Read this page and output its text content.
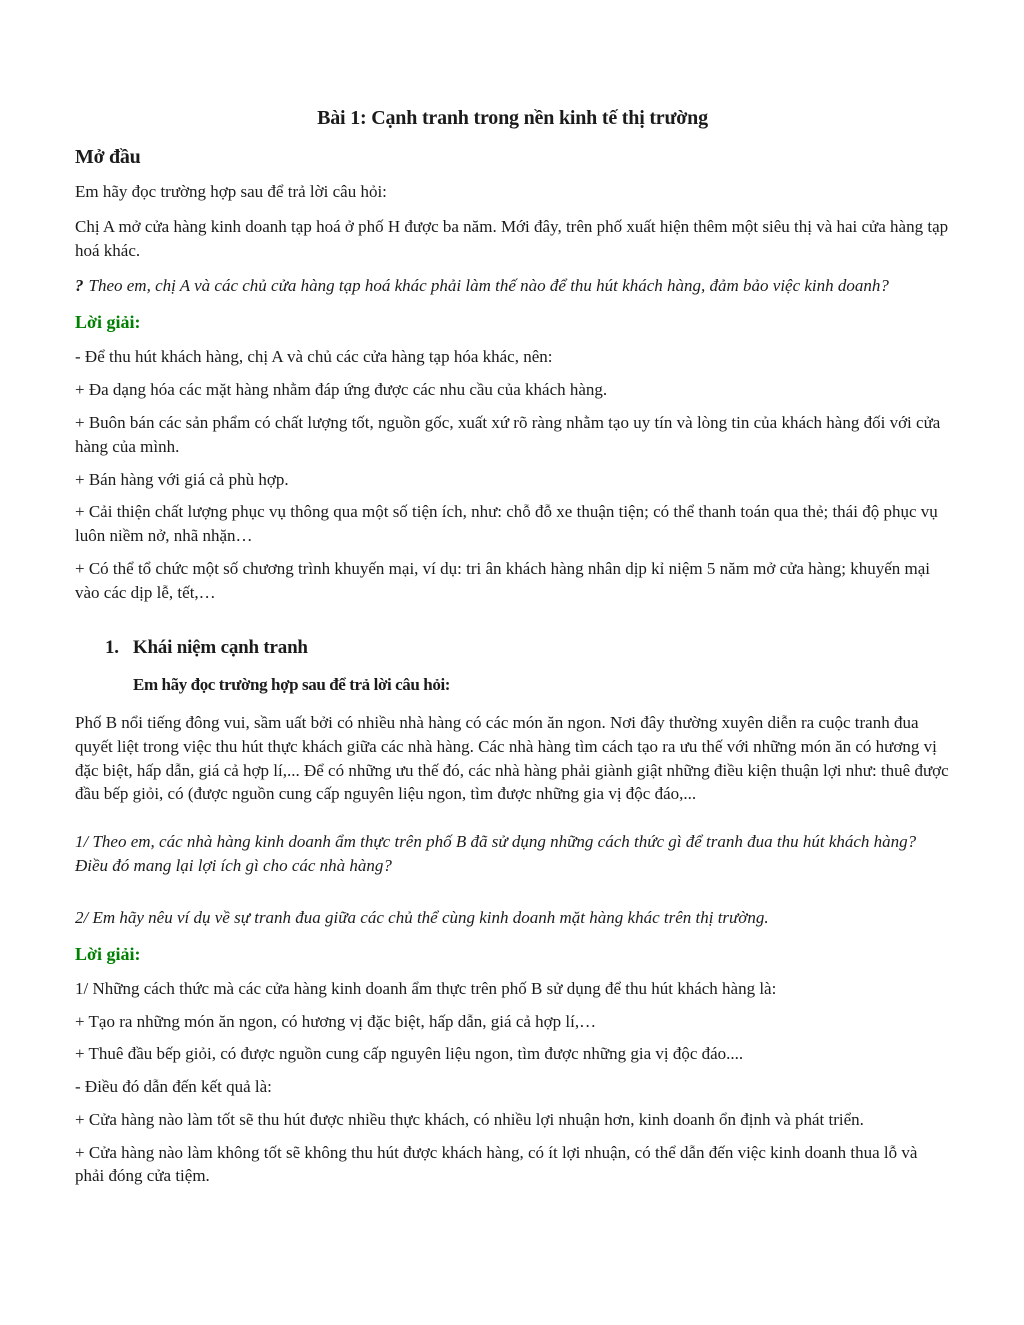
Bài 1: Cạnh tranh trong nền kinh tế thị trường

Mở đầu

Em hãy đọc trường hợp sau để trả lời câu hỏi:

Chị A mở cửa hàng kinh doanh tạp hoá ở phố H được ba năm. Mới đây, trên phố xuất hiện thêm một siêu thị và hai cửa hàng tạp hoá khác.

? Theo em, chị A và các chủ cửa hàng tạp hoá khác phải làm thế nào để thu hút khách hàng, đảm bảo việc kinh doanh?

Lời giải:

- Để thu hút khách hàng, chị A và chủ các cửa hàng tạp hóa khác, nên:

+ Đa dạng hóa các mặt hàng nhằm đáp ứng được các nhu cầu của khách hàng.

+ Buôn bán các sản phẩm có chất lượng tốt, nguồn gốc, xuất xứ rõ ràng nhằm tạo uy tín và lòng tin của khách hàng đối với cửa hàng của mình.

+ Bán hàng với giá cả phù hợp.

+ Cải thiện chất lượng phục vụ thông qua một số tiện ích, như: chỗ đỗ xe thuận tiện; có thể thanh toán qua thẻ; thái độ phục vụ luôn niềm nở, nhã nhặn…

+ Có thể tổ chức một số chương trình khuyến mại, ví dụ: tri ân khách hàng nhân dịp kỉ niệm 5 năm mở cửa hàng; khuyến mại vào các dịp lễ, tết,…

1. Khái niệm cạnh tranh

Em hãy đọc trường hợp sau để trả lời câu hỏi:

Phố B nổi tiếng đông vui, sầm uất bởi có nhiều nhà hàng có các món ăn ngon. Nơi đây thường xuyên diễn ra cuộc tranh đua quyết liệt trong việc thu hút thực khách giữa các nhà hàng. Các nhà hàng tìm cách tạo ra ưu thế với những món ăn có hương vị đặc biệt, hấp dẫn, giá cả hợp lí,... Để có những ưu thế đó, các nhà hàng phải giành giật những điều kiện thuận lợi như: thuê được đầu bếp giỏi, có (được nguồn cung cấp nguyên liệu ngon, tìm được những gia vị độc đáo,...

1/ Theo em, các nhà hàng kinh doanh ẩm thực trên phố B đã sử dụng những cách thức gì để tranh đua thu hút khách hàng? Điều đó mang lại lợi ích gì cho các nhà hàng?

2/ Em hãy nêu ví dụ về sự tranh đua giữa các chủ thể cùng kinh doanh mặt hàng khác trên thị trường.

Lời giải:

1/ Những cách thức mà các cửa hàng kinh doanh ẩm thực trên phố B sử dụng để thu hút khách hàng là:

+ Tạo ra những món ăn ngon, có hương vị đặc biệt, hấp dẫn, giá cả hợp lí,…

+ Thuê đầu bếp giỏi, có được nguồn cung cấp nguyên liệu ngon, tìm được những gia vị độc đáo....

- Điều đó dẫn đến kết quả là:

+ Cửa hàng nào làm tốt sẽ thu hút được nhiều thực khách, có nhiều lợi nhuận hơn, kinh doanh ổn định và phát triển.

+ Cửa hàng nào làm không tốt sẽ không thu hút được khách hàng, có ít lợi nhuận, có thể dẫn đến việc kinh doanh thua lỗ và phải đóng cửa tiệm.
